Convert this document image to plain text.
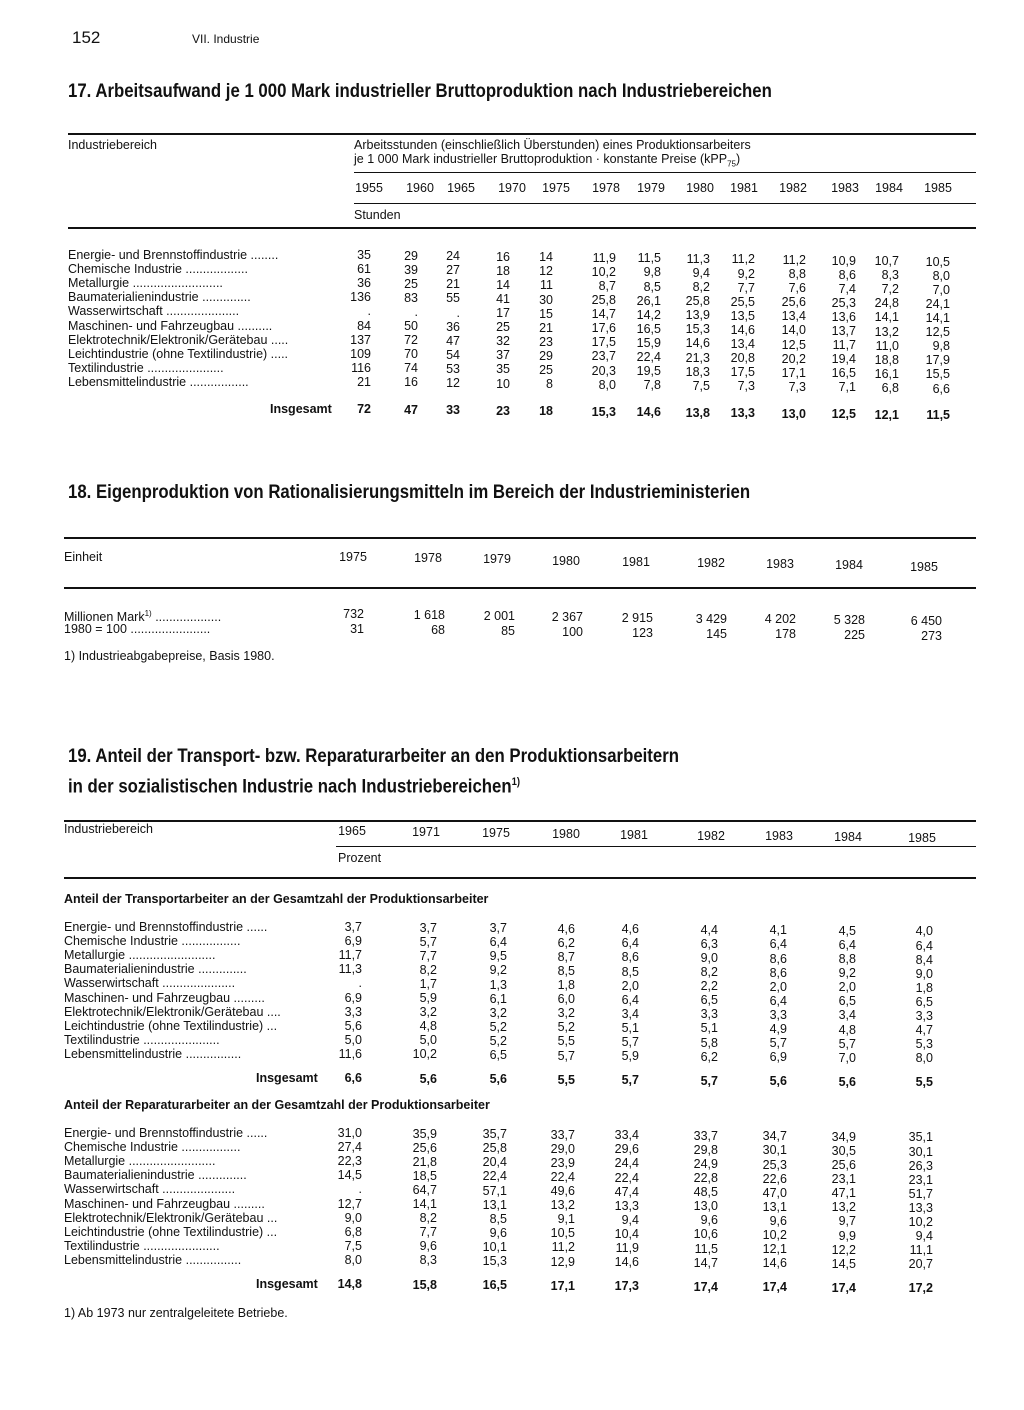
152	VII. Industrie
17. Arbeitsaufwand je 1 000 Mark industrieller Bruttoproduktion nach Industriebereichen
Industriebereich	Arbeitsstunden (einschließlich Überstunden) eines Produktionsarbeiters
je 1 000 Mark industrieller Bruttoproduktion · konstante Preise (kPP$_{75}$)
1955	1960	1965	1970	1975	1978	1979	1980	1981	1982	1983	1984	1985
Stunden
Energie- und Brennstoffindustrie ........	35	29	24	16	14	11,9	11,5	11,3	11,2	11,2	10,9	10,7	10,5
Chemische Industrie ..................	61	39	27	18	12	10,2	9,8	9,4	9,2	8,8	8,6	8,3	8,0
Metallurgie ..........................	36	25	21	14	11	8,7	8,5	8,2	7,7	7,6	7,4	7,2	7,0
Baumaterialienindustrie ..............	136	83	55	41	30	25,8	26,1	25,8	25,5	25,6	25,3	24,8	24,1
Wasserwirtschaft .....................	.	.	.	17	15	14,7	14,2	13,9	13,5	13,4	13,6	14,1	14,1
Maschinen- und Fahrzeugbau ..........	84	50	36	25	21	17,6	16,5	15,3	14,6	14,0	13,7	13,2	12,5
Elektrotechnik/Elektronik/Gerätebau .....	137	72	47	32	23	17,5	15,9	14,6	13,4	12,5	11,7	11,0	9,8
Leichtindustrie (ohne Textilindustrie) .....	109	70	54	37	29	23,7	22,4	21,3	20,8	20,2	19,4	18,8	17,9
Textilindustrie ......................	116	74	53	35	25	20,3	19,5	18,3	17,5	17,1	16,5	16,1	15,5
Lebensmittelindustrie .................	21	16	12	10	8	8,0	7,8	7,5	7,3	7,3	7,1	6,8	6,6
Insgesamt	72	47	33	23	18	15,3	14,6	13,8	13,3	13,0	12,5	12,1	11,5
18. Eigenproduktion von Rationalisierungsmitteln im Bereich der Industrieministerien
Einheit	1975	1978	1979	1980	1981	1982	1983	1984	1985
Millionen Mark$^{1)}$ ...................	732	1 618	2 001	2 367	2 915	3 429	4 202	5 328	6 450
1980 = 100 .......................	31	68	85	100	123	145	178	225	273
1) Industrieabgabepreise, Basis 1980.
19. Anteil der Transport- bzw. Reparaturarbeiter an den Produktionsarbeitern
in der sozialistischen Industrie nach Industriebereichen$^{1)}$
Industriebereich	1965	1971	1975	1980	1981	1982	1983	1984	1985
Prozent
Anteil der Transportarbeiter an der Gesamtzahl der Produktionsarbeiter
Energie- und Brennstoffindustrie ......	3,7	3,7	3,7	4,6	4,6	4,4	4,1	4,5	4,0
Chemische Industrie .................	6,9	5,7	6,4	6,2	6,4	6,3	6,4	6,4	6,4
Metallurgie .........................	11,7	7,7	9,5	8,7	8,6	9,0	8,6	8,8	8,4
Baumaterialienindustrie ..............	11,3	8,2	9,2	8,5	8,5	8,2	8,6	9,2	9,0
Wasserwirtschaft .....................	.	1,7	1,3	1,8	2,0	2,2	2,0	2,0	1,8
Maschinen- und Fahrzeugbau .........	6,9	5,9	6,1	6,0	6,4	6,5	6,4	6,5	6,5
Elektrotechnik/Elektronik/Gerätebau ....	3,3	3,2	3,2	3,2	3,4	3,3	3,3	3,4	3,3
Leichtindustrie (ohne Textilindustrie) ...	5,6	4,8	5,2	5,2	5,1	5,1	4,9	4,8	4,7
Textilindustrie ......................	5,0	5,0	5,2	5,5	5,7	5,8	5,7	5,7	5,3
Lebensmittelindustrie ................	11,6	10,2	6,5	5,7	5,9	6,2	6,9	7,0	8,0
Insgesamt	6,6	5,6	5,6	5,5	5,7	5,7	5,6	5,6	5,5
Anteil der Reparaturarbeiter an der Gesamtzahl der Produktionsarbeiter
Energie- und Brennstoffindustrie ......	31,0	35,9	35,7	33,7	33,4	33,7	34,7	34,9	35,1
Chemische Industrie .................	27,4	25,6	25,8	29,0	29,6	29,8	30,1	30,5	30,1
Metallurgie .........................	22,3	21,8	20,4	23,9	24,4	24,9	25,3	25,6	26,3
Baumaterialienindustrie ..............	14,5	18,5	22,4	22,4	22,4	22,8	22,6	23,1	23,1
Wasserwirtschaft .....................	.	64,7	57,1	49,6	47,4	48,5	47,0	47,1	51,7
Maschinen- und Fahrzeugbau .........	12,7	14,1	13,1	13,2	13,3	13,0	13,1	13,2	13,3
Elektrotechnik/Elektronik/Gerätebau ...	9,0	8,2	8,5	9,1	9,4	9,6	9,6	9,7	10,2
Leichtindustrie (ohne Textilindustrie) ...	6,8	7,7	9,6	10,5	10,4	10,6	10,2	9,9	9,4
Textilindustrie ......................	7,5	9,6	10,1	11,2	11,9	11,5	12,1	12,2	11,1
Lebensmittelindustrie ................	8,0	8,3	15,3	12,9	14,6	14,7	14,6	14,5	20,7
Insgesamt	14,8	15,8	16,5	17,1	17,3	17,4	17,4	17,4	17,2
1) Ab 1973 nur zentralgeleitete Betriebe.
